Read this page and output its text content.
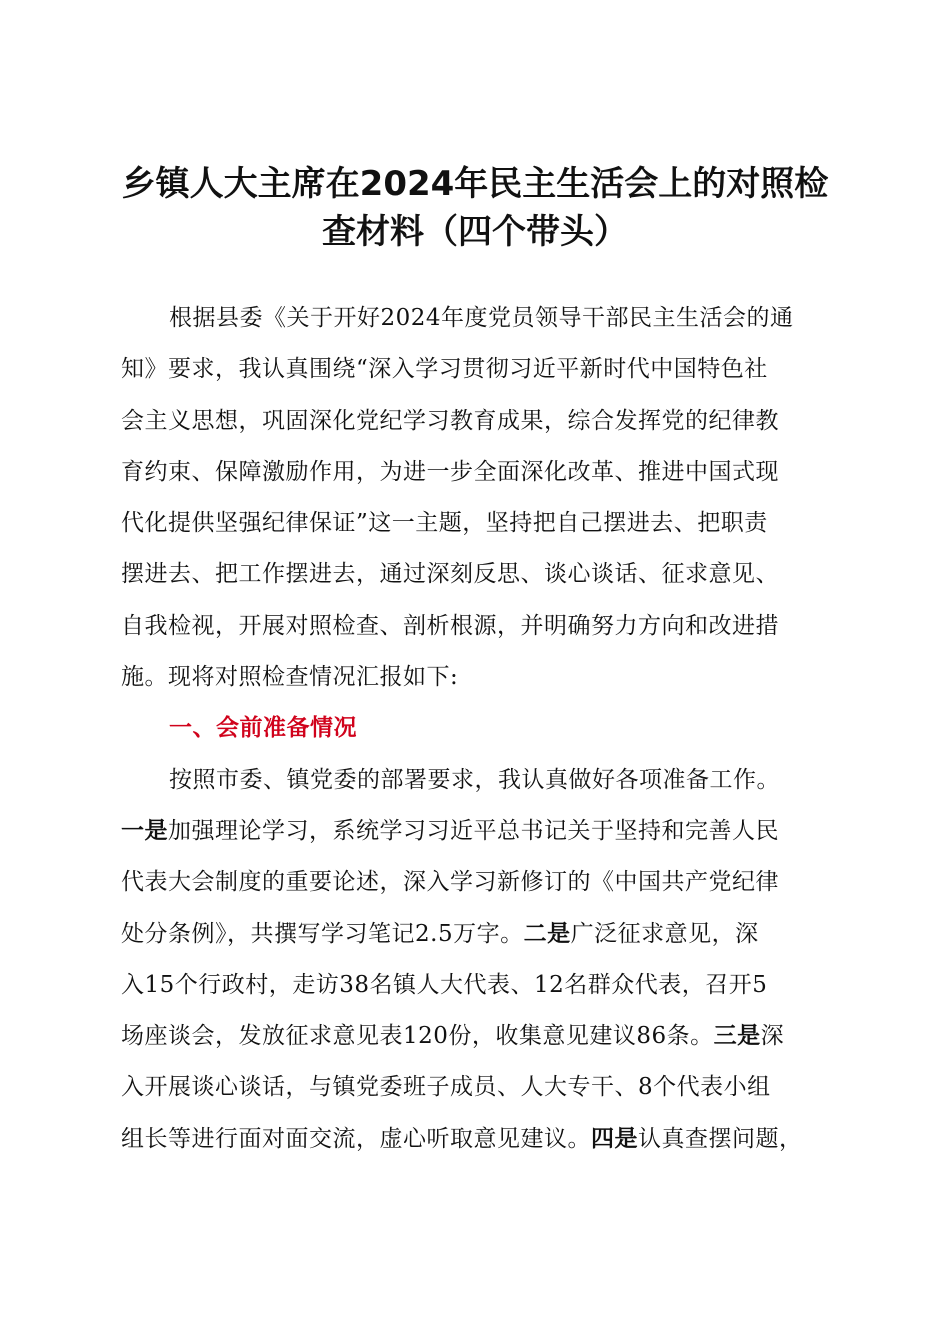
乡镇人大主席在2024年民主生活会上的对照检
查材料（四个带头）
根据县委《关于开好2024年度党员领导干部民主生活会的通
知》要求，我认真围绕“深入学习贯彻习近平新时代中国特色社
会主义思想，巩固深化党纪学习教育成果，综合发挥党的纪律教
育约束、保障激励作用，为进一步全面深化改革、推进中国式现
代化提供坚强纪律保证”这一主题，坚持把自己摆进去、把职责
摆进去、把工作摆进去，通过深刻反思、谈心谈话、征求意见、
自我检视，开展对照检查、剖析根源，并明确努力方向和改进措
施。现将对照检查情况汇报如下:
一、会前准备情况
按照市委、镇党委的部署要求，我认真做好各项准备工作。
一是加强理论学习，系统学习习近平总书记关于坚持和完善人民
代表大会制度的重要论述，深入学习新修订的《中国共产党纪律
处分条例》，共撰写学习笔记2.5万字。二是广泛征求意见，深
入15个行政村，走访38名镇人大代表、12名群众代表，召开5
场座谈会，发放征求意见表120份，收集意见建议86条。三是深
入开展谈心谈话，与镇党委班子成员、人大专干、8个代表小组
组长等进行面对面交流，虚心听取意见建议。四是认真查摆问题，
